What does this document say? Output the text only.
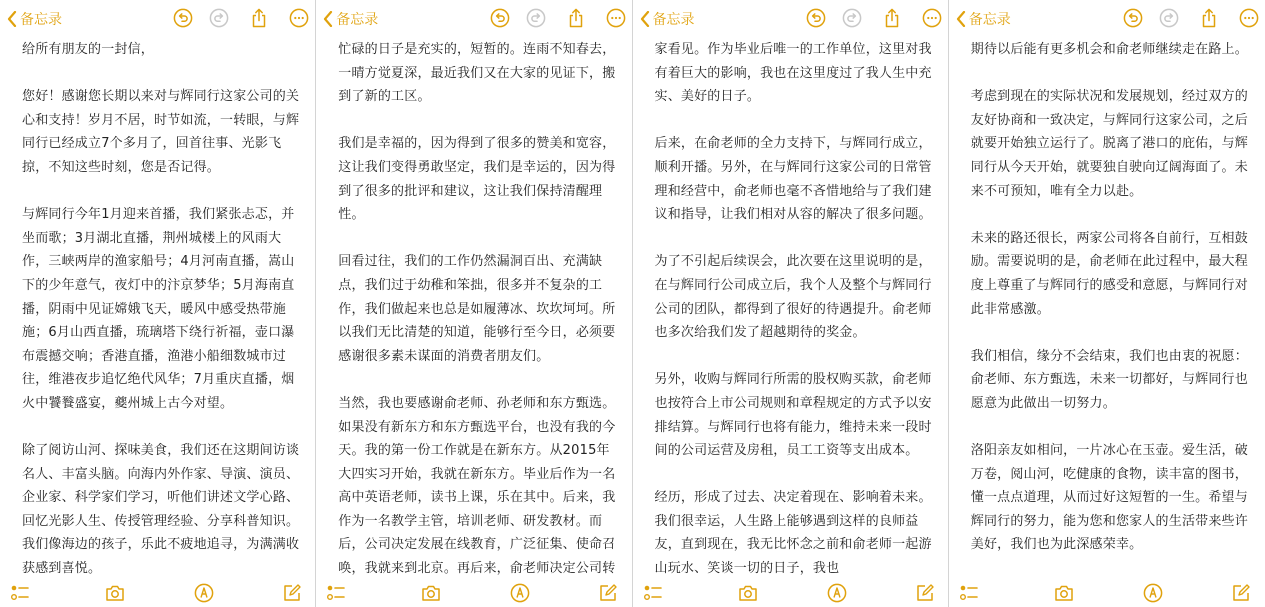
备忘录

给所有朋友的一封信，

您好！感谢您长期以来对与辉同行这家公司的关心和支持！岁月不居，时节如流，一转眼，与辉同行已经成立7个多月了，回首往事、光影飞掠，不知这些时刻，您是否记得。

与辉同行今年1月迎来首播，我们紧张忐忑，并坐而歌；3月湖北直播，荆州城楼上的风雨大作，三峡两岸的渔家船号；4月河南直播，嵩山下的少年意气，夜灯中的汴京梦华；5月海南直播，阴雨中见证嫦娥飞天，暖风中感受热带施施；6月山西直播，琉璃塔下绕行祈福，壶口瀑布震撼交响；香港直播，渔港小船细数城市过往，维港夜步追忆绝代风华；7月重庆直播，烟火中饕餮盛宴，夔州城上古今对望。

除了阅访山河、探味美食，我们还在这期间访谈名人、丰富头脑。向海内外作家、导演、演员、企业家、科学家们学习，听他们讲述文学心路、回忆光影人生、传授管理经验、分享科普知识。我们像海边的孩子，乐此不疲地追寻，为满满收获感到喜悦。

备忘录

忙碌的日子是充实的，短暂的。连雨不知春去，一晴方觉夏深，最近我们又在大家的见证下，搬到了新的工区。

我们是幸福的，因为得到了很多的赞美和宽容，这让我们变得勇敢坚定，我们是幸运的，因为得到了很多的批评和建议，这让我们保持清醒理性。

回看过往，我们的工作仍然漏洞百出、充满缺点，我们过于幼稚和笨拙，很多并不复杂的工作，我们做起来也总是如履薄冰、坎坎坷坷。所以我们无比清楚的知道，能够行至今日，必须要感谢很多素未谋面的消费者朋友们。

当然，我也要感谢俞老师、孙老师和东方甄选。如果没有新东方和东方甄选平台，也没有我的今天。我的第一份工作就是在新东方。从2015年大四实习开始，我就在新东方。毕业后作为一名高中英语老师，读书上课，乐在其中。后来，我作为一名教学主管，培训老师、研发教材。而后，公司决定发展在线教育，广泛征集、使命召唤，我就来到北京。再后来，俞老师决定公司转

备忘录

家看见。作为毕业后唯一的工作单位，这里对我有着巨大的影响，我也在这里度过了我人生中充实、美好的日子。

后来，在俞老师的全力支持下，与辉同行成立，顺利开播。另外，在与辉同行这家公司的日常管理和经营中，俞老师也毫不吝惜地给与了我们建议和指导，让我们相对从容的解决了很多问题。

为了不引起后续误会，此次要在这里说明的是，在与辉同行公司成立后，我个人及整个与辉同行公司的团队，都得到了很好的待遇提升。俞老师也多次给我们发了超越期待的奖金。

另外，收购与辉同行所需的股权购买款，俞老师也按符合上市公司规则和章程规定的方式予以安排结算。与辉同行也将有能力，维持未来一段时间的公司运营及房租，员工工资等支出成本。

经历，形成了过去、决定着现在、影响着未来。我们很幸运，人生路上能够遇到这样的良师益友，直到现在，我无比怀念之前和俞老师一起游山玩水、笑谈一切的日子，我也

备忘录

期待以后能有更多机会和俞老师继续走在路上。

考虑到现在的实际状况和发展规划，经过双方的友好协商和一致决定，与辉同行这家公司，之后就要开始独立运行了。脱离了港口的庇佑，与辉同行从今天开始，就要独自驶向辽阔海面了。未来不可预知，唯有全力以赴。

未来的路还很长，两家公司将各自前行，互相鼓励。需要说明的是，俞老师在此过程中，最大程度上尊重了与辉同行的感受和意愿，与辉同行对此非常感激。

我们相信，缘分不会结束，我们也由衷的祝愿：俞老师、东方甄选，未来一切都好，与辉同行也愿意为此做出一切努力。

洛阳亲友如相问，一片冰心在玉壶。爱生活，破万卷，阅山河，吃健康的食物，读丰富的图书，懂一点点道理，从而过好这短暂的一生。希望与辉同行的努力，能为您和您家人的生活带来些许美好，我们也为此深感荣幸。
